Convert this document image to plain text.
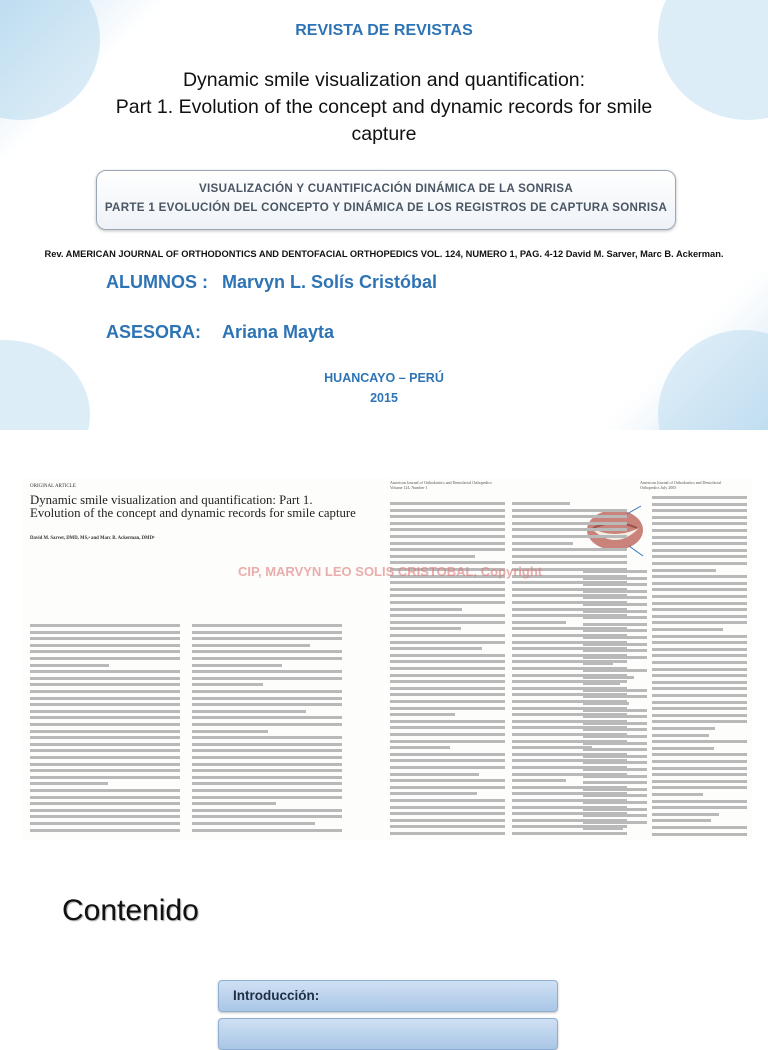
REVISTA DE REVISTAS
Dynamic smile visualization and quantification:
Part 1. Evolution of the concept and dynamic records for smile
capture
VISUALIZACIÓN Y CUANTIFICACIÓN DINÁMICA DE LA SONRISA
PARTE 1 EVOLUCIÓN DEL CONCEPTO Y DINÁMICA DE LOS REGISTROS DE CAPTURA SONRISA
Rev. AMERICAN JOURNAL OF ORTHODONTICS AND DENTOFACIAL ORTHOPEDICS VOL. 124, NUMERO 1, PAG. 4-12 David M. Sarver, Marc B. Ackerman.
ALUMNOS : Marvyn L. Solís Cristóbal
ASESORA: Ariana Mayta
HUANCAYO – PERÚ
2015
ORIGINAL ARTICLE
Dynamic smile visualization and quantification: Part 1. Evolution of the concept and dynamic records for smile capture
David M. Sarver, DMD, MS,ᵃ and Marc B. Ackerman, DMDᵇ
American Journal of Orthodontics and Dentofacial Orthopedics Volume 124, Number 1
American Journal of Orthodontics and Dentofacial Orthopedics July 2003
CIP, MARVYN LEO SOLIS CRISTOBAL, Copyright
Contenido
Introducción:
